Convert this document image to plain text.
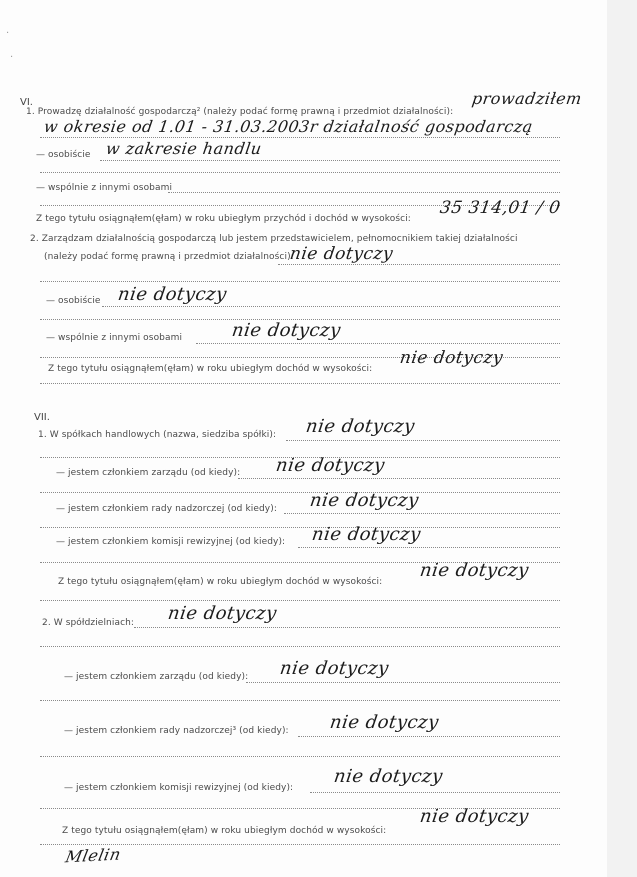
·
·
VI.
1. Prowadzę działalność gospodarczą² (należy podać formę prawną i przedmiot działalności):
prowadziłem
w okresie od 1.01 - 31.03.2003r działalność gospodarczą
— osobiście w zakresie handlu
— wspólnie z innymi osobami
Z tego tytułu osiągnąłem(ęłam) w roku ubiegłym przychód i dochód w wysokości:
35 314,01 / 0
2. Zarządzam działalnością gospodarczą lub jestem przedstawicielem, pełnomocnikiem takiej działalności
(należy podać formę prawną i przedmiot działalności):
nie dotyczy
— osobiście nie dotyczy
— wspólnie z innymi osobami	nie dotyczy
Z tego tytułu osiągnąłem(ęłam) w roku ubiegłym dochód w wysokości:
nie dotyczy
VII.
1. W spółkach handlowych (nazwa, siedziba spółki): nie dotyczy
— jestem członkiem zarządu (od kiedy): nie dotyczy
— jestem członkiem rady nadzorczej (od kiedy): nie dotyczy
— jestem członkiem komisji rewizyjnej (od kiedy): nie dotyczy
Z tego tytułu osiągnąłem(ęłam) w roku ubiegłym dochód w wysokości:
nie dotyczy
2. W spółdzielniach: nie dotyczy
— jestem członkiem zarządu (od kiedy): nie dotyczy
— jestem członkiem rady nadzorczej³ (od kiedy): nie dotyczy
— jestem członkiem komisji rewizyjnej (od kiedy):
nie dotyczy
Z tego tytułu osiągnąłem(ęłam) w roku ubiegłym dochód w wysokości:
nie dotyczy
Mlelin
